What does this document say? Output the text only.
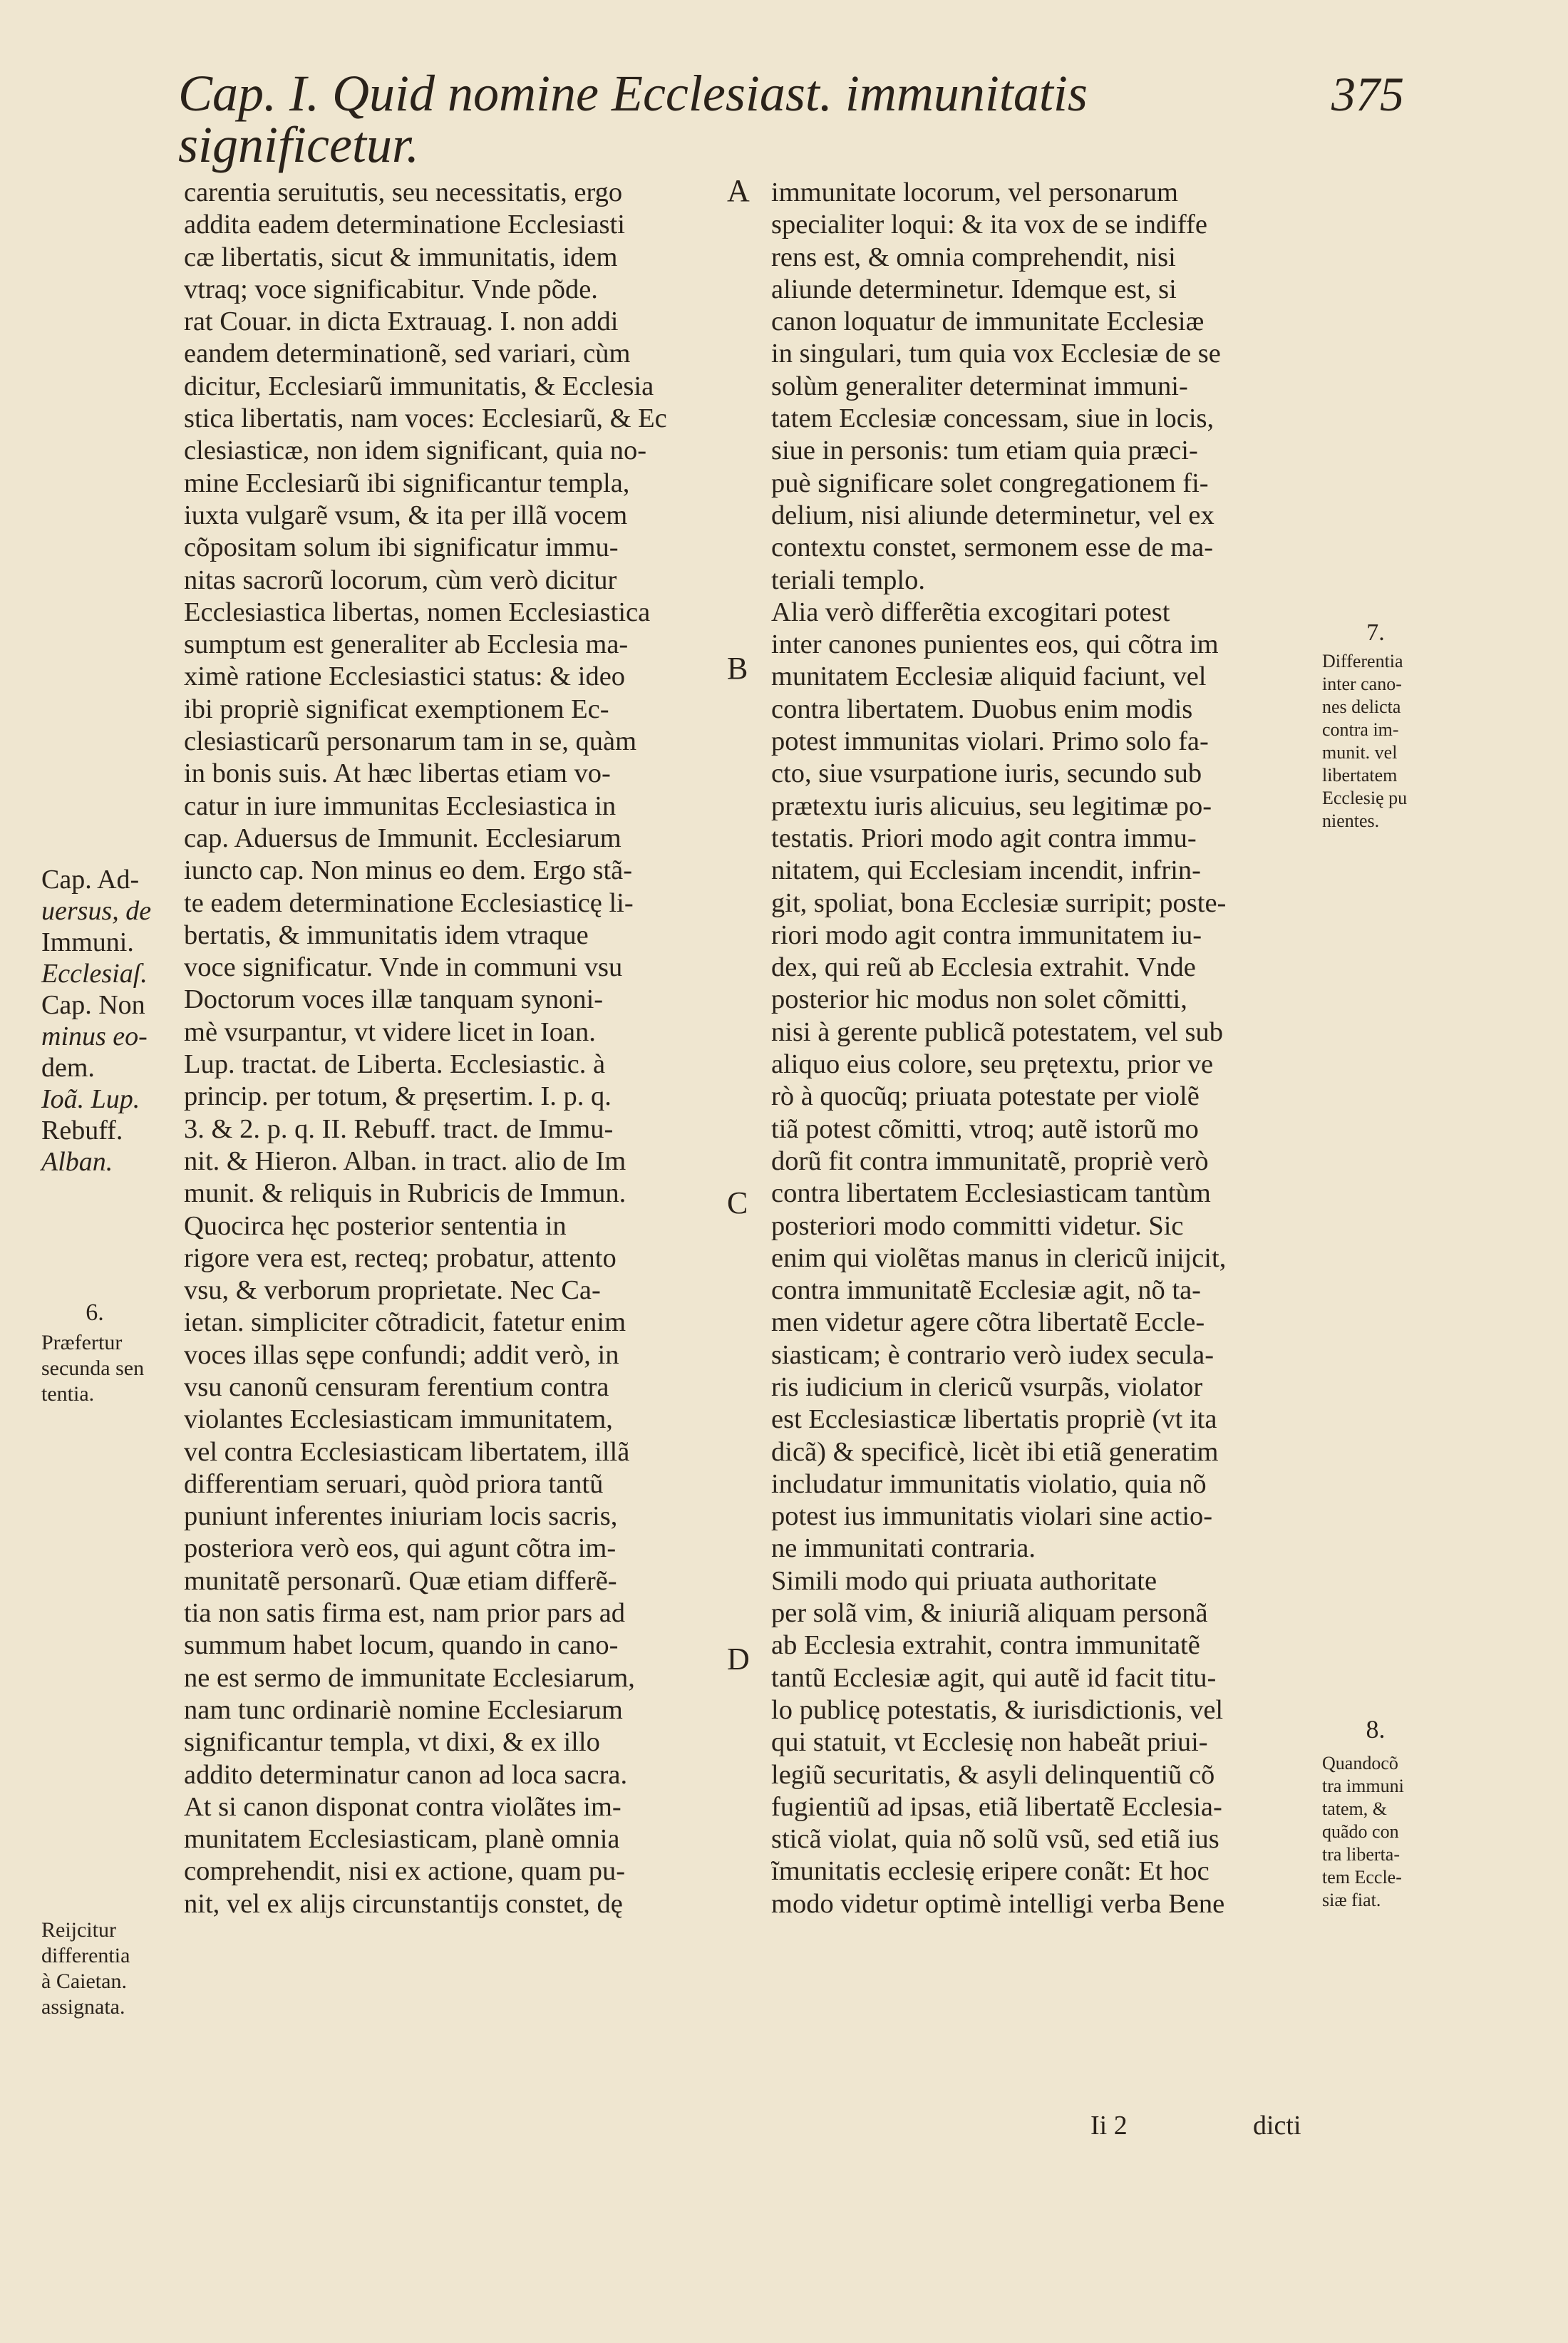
Cap. I. Quid nomine Ecclesiast. immunitatis significetur.
375
carentia seruitutis, seu necessitatis, ergo
addita eadem determinatione Ecclesiasti
cæ libertatis, sicut & immunitatis, idem
vtraq; voce significabitur. Vnde põde.
rat Couar. in dicta Extrauag. I. non addi
eandem determinationẽ, sed variari, cùm
dicitur, Ecclesiarũ immunitatis, & Ecclesia
stica libertatis, nam voces: Ecclesiarũ, & Ec
clesiasticæ, non idem significant, quia no-
mine Ecclesiarũ ibi significantur templa,
iuxta vulgarẽ vsum, & ita per illã vocem
cõpositam solum ibi significatur immu-
nitas sacrorũ locorum, cùm verò dicitur
Ecclesiastica libertas, nomen Ecclesiastica
sumptum est generaliter ab Ecclesia ma-
ximè ratione Ecclesiastici status: & ideo
ibi propriè significat exemptionem Ec-
clesiasticarũ personarum tam in se, quàm
in bonis suis. At hæc libertas etiam vo-
catur in iure immunitas Ecclesiastica in
cap. Aduersus de Immunit. Ecclesiarum
iuncto cap. Non minus eo dem. Ergo stã-
te eadem determinatione Ecclesiasticę li-
bertatis, & immunitatis idem vtraque
voce significatur. Vnde in communi vsu
Doctorum voces illæ tanquam synoni-
mè vsurpantur, vt videre licet in Ioan.
Lup. tractat. de Liberta. Ecclesiastic. à
princip. per totum, & pręsertim. I. p. q.
3. & 2. p. q. II. Rebuff. tract. de Immu-
nit. & Hieron. Alban. in tract. alio de Im
munit. & reliquis in Rubricis de Immun.
Quocirca hęc posterior sententia in
rigore vera est, recteq; probatur, attento
vsu, & verborum proprietate. Nec Ca-
ietan. simpliciter cõtradicit, fatetur enim
voces illas sępe confundi; addit verò, in
vsu canonũ censuram ferentium contra
violantes Ecclesiasticam immunitatem,
vel contra Ecclesiasticam libertatem, illã
differentiam seruari, quòd priora tantũ
puniunt inferentes iniuriam locis sacris,
posteriora verò eos, qui agunt cõtra im-
munitatẽ personarũ. Quæ etiam differẽ-
tia non satis firma est, nam prior pars ad
summum habet locum, quando in cano-
ne est sermo de immunitate Ecclesiarum,
nam tunc ordinariè nomine Ecclesiarum
significantur templa, vt dixi, & ex illo
addito determinatur canon ad loca sacra.
At si canon disponat contra violãtes im-
munitatem Ecclesiasticam, planè omnia
comprehendit, nisi ex actione, quam pu-
nit, vel ex alijs circunstantijs constet, dę
immunitate locorum, vel personarum
specialiter loqui: & ita vox de se indiffe
rens est, & omnia comprehendit, nisi
aliunde determinetur. Idemque est, si
canon loquatur de immunitate Ecclesiæ
in singulari, tum quia vox Ecclesiæ de se
solùm generaliter determinat immuni-
tatem Ecclesiæ concessam, siue in locis,
siue in personis: tum etiam quia præci-
puè significare solet congregationem fi-
delium, nisi aliunde determinetur, vel ex
contextu constet, sermonem esse de ma-
teriali templo.
Alia verò differẽtia excogitari potest
inter canones punientes eos, qui cõtra im
munitatem Ecclesiæ aliquid faciunt, vel
contra libertatem. Duobus enim modis
potest immunitas violari. Primo solo fa-
cto, siue vsurpatione iuris, secundo sub
prætextu iuris alicuius, seu legitimæ po-
testatis. Priori modo agit contra immu-
nitatem, qui Ecclesiam incendit, infrin-
git, spoliat, bona Ecclesiæ surripit; poste-
riori modo agit contra immunitatem iu-
dex, qui reũ ab Ecclesia extrahit. Vnde
posterior hic modus non solet cõmitti,
nisi à gerente publicã potestatem, vel sub
aliquo eius colore, seu prętextu, prior ve
rò à quocũq; priuata potestate per violẽ
tiã potest cõmitti, vtroq; autẽ istorũ mo
dorũ fit contra immunitatẽ, propriè verò
contra libertatem Ecclesiasticam tantùm
posteriori modo committi videtur. Sic
enim qui violẽtas manus in clericũ inijcit,
contra immunitatẽ Ecclesiæ agit, nõ ta-
men videtur agere cõtra libertatẽ Eccle-
siasticam; è contrario verò iudex secula-
ris iudicium in clericũ vsurpãs, violator
est Ecclesiasticæ libertatis propriè (vt ita
dicã) & specificè, licèt ibi etiã generatim
includatur immunitatis violatio, quia nõ
potest ius immunitatis violari sine actio-
ne immunitati contraria.
Simili modo qui priuata authoritate
per solã vim, & iniuriã aliquam personã
ab Ecclesia extrahit, contra immunitatẽ
tantũ Ecclesiæ agit, qui autẽ id facit titu-
lo publicę potestatis, & iurisdictionis, vel
qui statuit, vt Ecclesię non habeãt priui-
legiũ securitatis, & asyli delinquentiũ cõ
fugientiũ ad ipsas, etiã libertatẽ Ecclesia-
sticã violat, quia nõ solũ vsũ, sed etiã ius
ĩmunitatis ecclesię eripere conãt: Et hoc
modo videtur optimè intelligi verba Bene
A
B
C
D
Cap. Ad-
uersus, de
Immuni.
Ecclesiaſ.
Cap. Non
minus eo-
dem.
Ioã. Lup.
Rebuff.
Alban.
6.
Præfertur
secunda sen
tentia.
Reijcitur
differentia
à Caietan.
assignata.
7.
Differentia
inter cano-
nes delicta
contra im-
munit. vel
libertatem
Ecclesię pu
nientes.
8.
Quandocõ
tra immuni
tatem, &
quãdo con
tra liberta-
tem Eccle-
siæ fiat.
Ii 2	dicti
